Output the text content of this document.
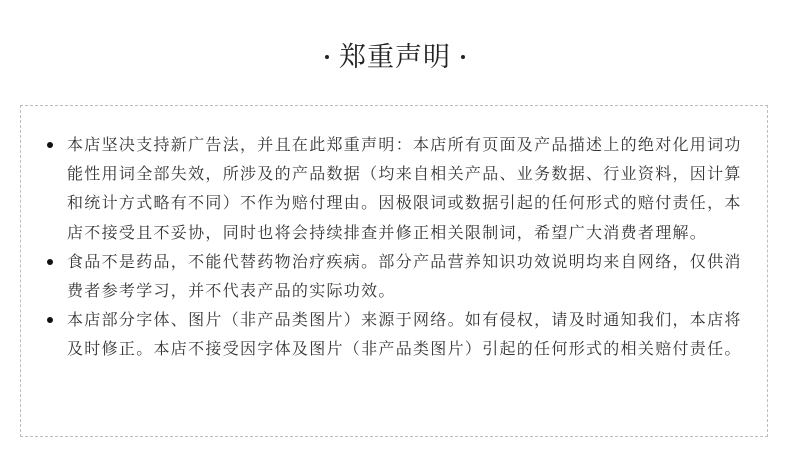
郑重声明
本店坚决支持新广告法，并且在此郑重声明：本店所有页面及产品描述上的绝对化用词功能性用词全部失效，所涉及的产品数据（均来自相关产品、业务数据、行业资料，因计算和统计方式略有不同）不作为赔付理由。因极限词或数据引起的任何形式的赔付责任，本店不接受且不妥协，同时也将会持续排查并修正相关限制词，希望广大消费者理解。
食品不是药品，不能代替药物治疗疾病。部分产品营养知识功效说明均来自网络，仅供消费者参考学习，并不代表产品的实际功效。
本店部分字体、图片（非产品类图片）来源于网络。如有侵权，请及时通知我们，本店将及时修正。本店不接受因字体及图片（非产品类图片）引起的任何形式的相关赔付责任。
